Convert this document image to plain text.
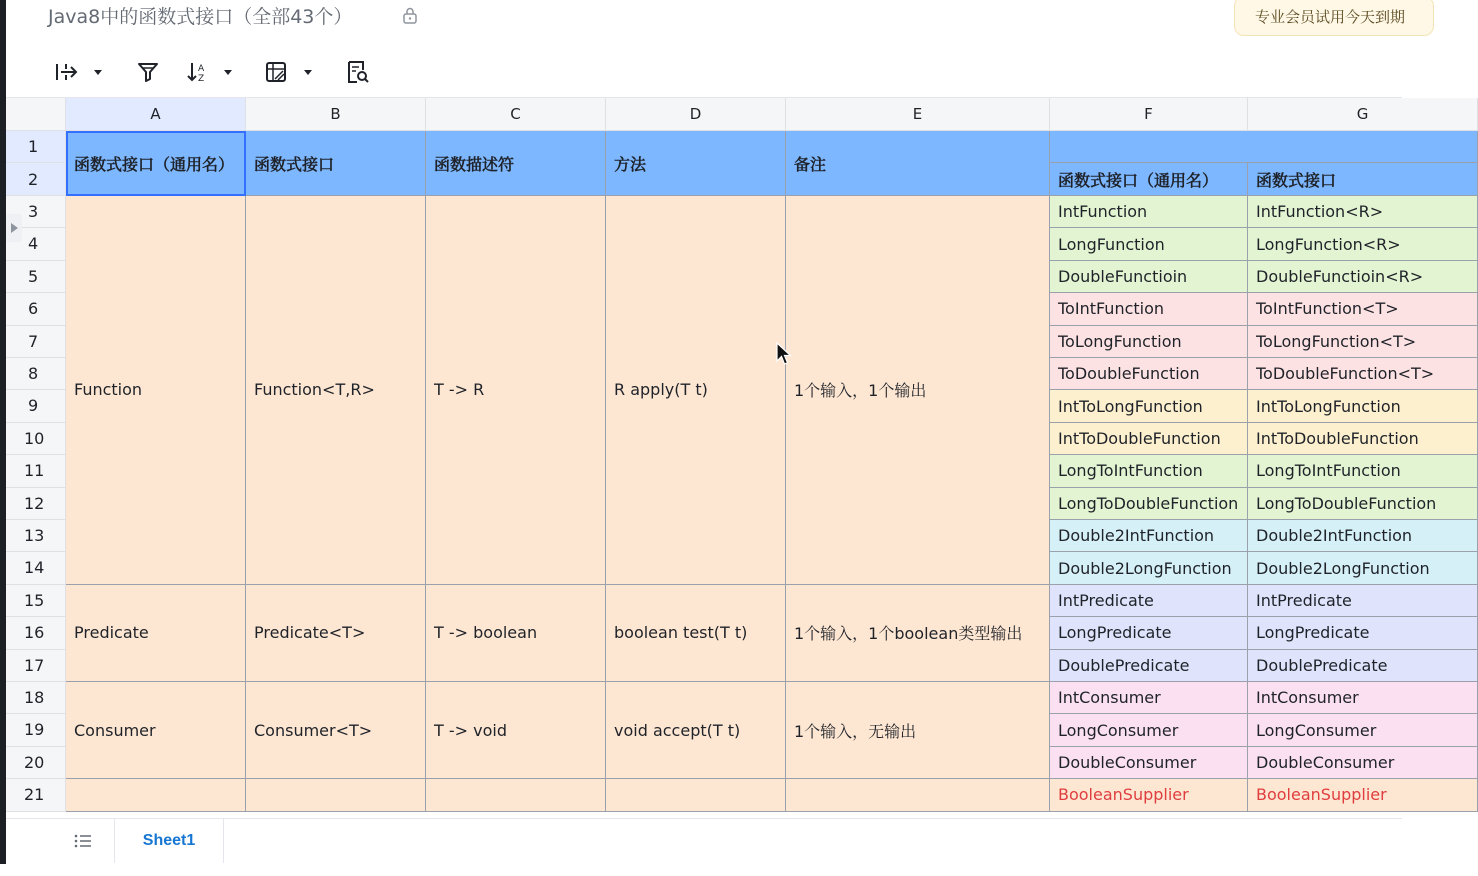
Java8中的函数式接口（全部43个）	专业会员试用今天到期
A
Z
A	B	C	D	E	F	G
1
2
3
4
5
6
7
8
9
10
11
12
13
14
15
16
17
18
19
20
21
函数式接口（通用名）	函数式接口	函数描述符	方法	备注
函数式接口（通用名）	函数式接口
Function	Function<T,R>	T -> R	R apply(T t)	1个输入，1个输出
Predicate	Predicate<T>	T -> boolean	boolean test(T t)	1个输入，1个boolean类型输出
Consumer	Consumer<T>	T -> void	void accept(T t)	1个输入，无输出
IntFunction	IntFunction<R>
LongFunction	LongFunction<R>
DoubleFunctioin	DoubleFunctioin<R>
ToIntFunction	ToIntFunction<T>
ToLongFunction	ToLongFunction<T>
ToDoubleFunction	ToDoubleFunction<T>
IntToLongFunction	IntToLongFunction
IntToDoubleFunction	IntToDoubleFunction
LongToIntFunction	LongToIntFunction
LongToDoubleFunction	LongToDoubleFunction
Double2IntFunction	Double2IntFunction
Double2LongFunction	Double2LongFunction
IntPredicate	IntPredicate
LongPredicate	LongPredicate
DoublePredicate	DoublePredicate
IntConsumer	IntConsumer
LongConsumer	LongConsumer
DoubleConsumer	DoubleConsumer
BooleanSupplier	BooleanSupplier
Sheet1
